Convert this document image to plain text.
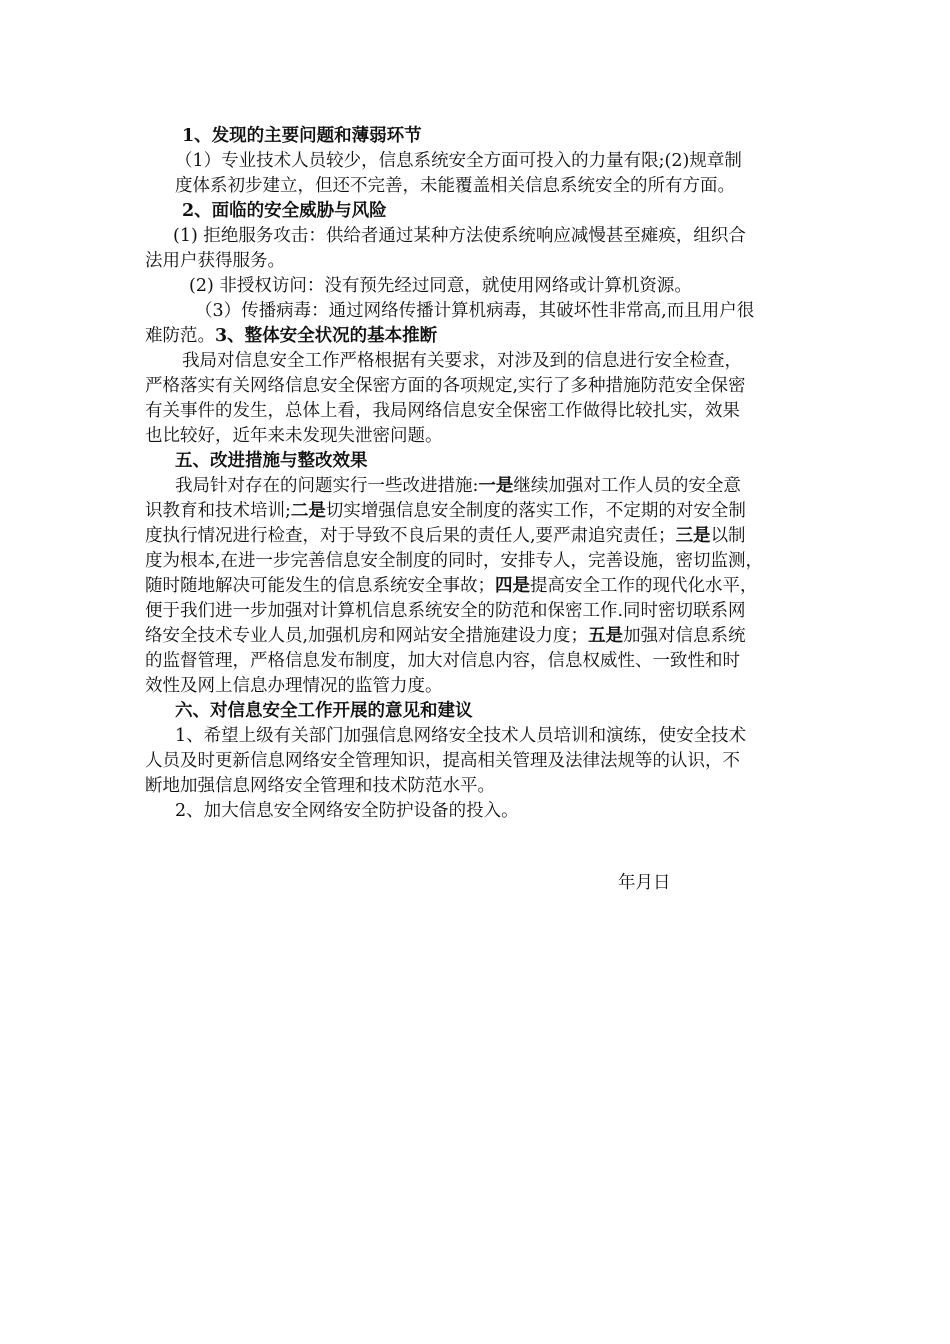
1、发现的主要问题和薄弱环节
（1）专业技术人员较少，信息系统安全方面可投入的力量有限;(2)规章制
度体系初步建立，但还不完善，未能覆盖相关信息系统安全的所有方面。
2、面临的安全威胁与风险
(1) 拒绝服务攻击：供给者通过某种方法使系统响应减慢甚至瘫痪，组织合
法用户获得服务。
(2) 非授权访问：没有预先经过同意，就使用网络或计算机资源。
（3）传播病毒：通过网络传播计算机病毒，其破坏性非常高,而且用户很
难防范。3、整体安全状况的基本推断
我局对信息安全工作严格根据有关要求，对涉及到的信息进行安全检查，
严格落实有关网络信息安全保密方面的各项规定,实行了多种措施防范安全保密
有关事件的发生，总体上看，我局网络信息安全保密工作做得比较扎实，效果
也比较好，近年来未发现失泄密问题。
五、改进措施与整改效果
我局针对存在的问题实行一些改进措施:一是继续加强对工作人员的安全意
识教育和技术培训;二是切实增强信息安全制度的落实工作，不定期的对安全制
度执行情况进行检查，对于导致不良后果的责任人,要严肃追究责任；三是以制
度为根本,在进一步完善信息安全制度的同时，安排专人，完善设施，密切监测，
随时随地解决可能发生的信息系统安全事故；四是提高安全工作的现代化水平，
便于我们进一步加强对计算机信息系统安全的防范和保密工作.同时密切联系网
络安全技术专业人员,加强机房和网站安全措施建设力度；五是加强对信息系统
的监督管理，严格信息发布制度，加大对信息内容，信息权威性、一致性和时
效性及网上信息办理情况的监管力度。
六、对信息安全工作开展的意见和建议
1、希望上级有关部门加强信息网络安全技术人员培训和演练，使安全技术
人员及时更新信息网络安全管理知识，提高相关管理及法律法规等的认识，不
断地加强信息网络安全管理和技术防范水平。
2、加大信息安全网络安全防护设备的投入。
年月日
